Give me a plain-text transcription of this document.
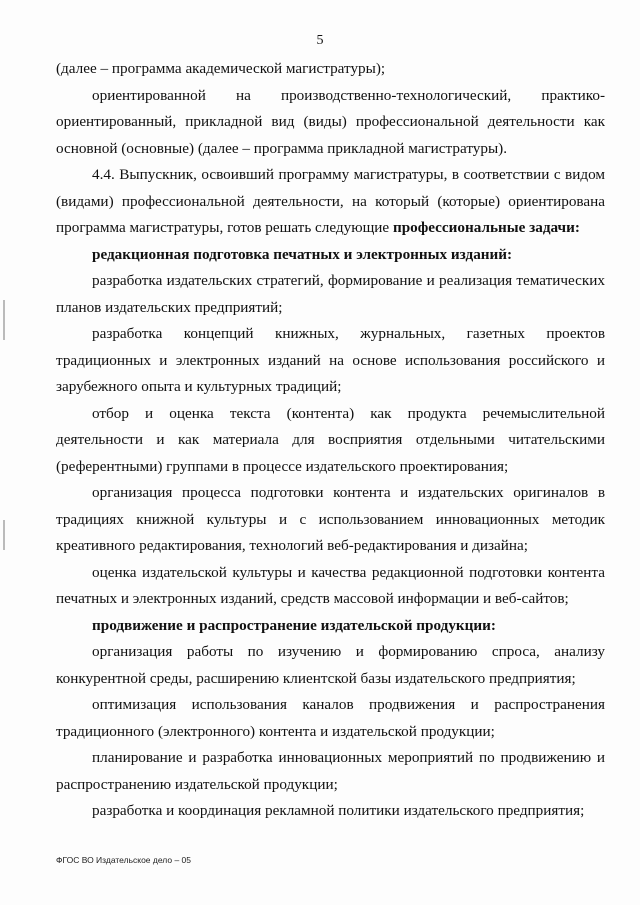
5

(далее – программа академической магистратуры);

ориентированной на производственно-технологический, практико-ориентированный, прикладной вид (виды) профессиональной деятельности как основной (основные) (далее – программа прикладной магистратуры).

4.4. Выпускник, освоивший программу магистратуры, в соответствии с видом (видами) профессиональной деятельности, на который (которые) ориентирована программа магистратуры, готов решать следующие профессиональные задачи:

редакционная подготовка печатных и электронных изданий:

разработка издательских стратегий, формирование и реализация тематических планов издательских предприятий;

разработка концепций книжных, журнальных, газетных проектов традиционных и электронных изданий на основе использования российского и зарубежного опыта и культурных традиций;

отбор и оценка текста (контента) как продукта речемыслительной деятельности и как материала для восприятия отдельными читательскими (референтными) группами в процессе издательского проектирования;

организация процесса подготовки контента и издательских оригиналов в традициях книжной культуры и с использованием инновационных методик креативного редактирования, технологий веб-редактирования и дизайна;

оценка издательской культуры и качества редакционной подготовки контента печатных и электронных изданий, средств массовой информации и веб-сайтов;

продвижение и распространение издательской продукции:

организация работы по изучению и формированию спроса, анализу конкурентной среды, расширению клиентской базы издательского предприятия;

оптимизация использования каналов продвижения и распространения традиционного (электронного) контента и издательской продукции;

планирование и разработка инновационных мероприятий по продвижению и распространению издательской продукции;

разработка и координация рекламной политики издательского предприятия;

ФГОС ВО Издательское дело – 05
